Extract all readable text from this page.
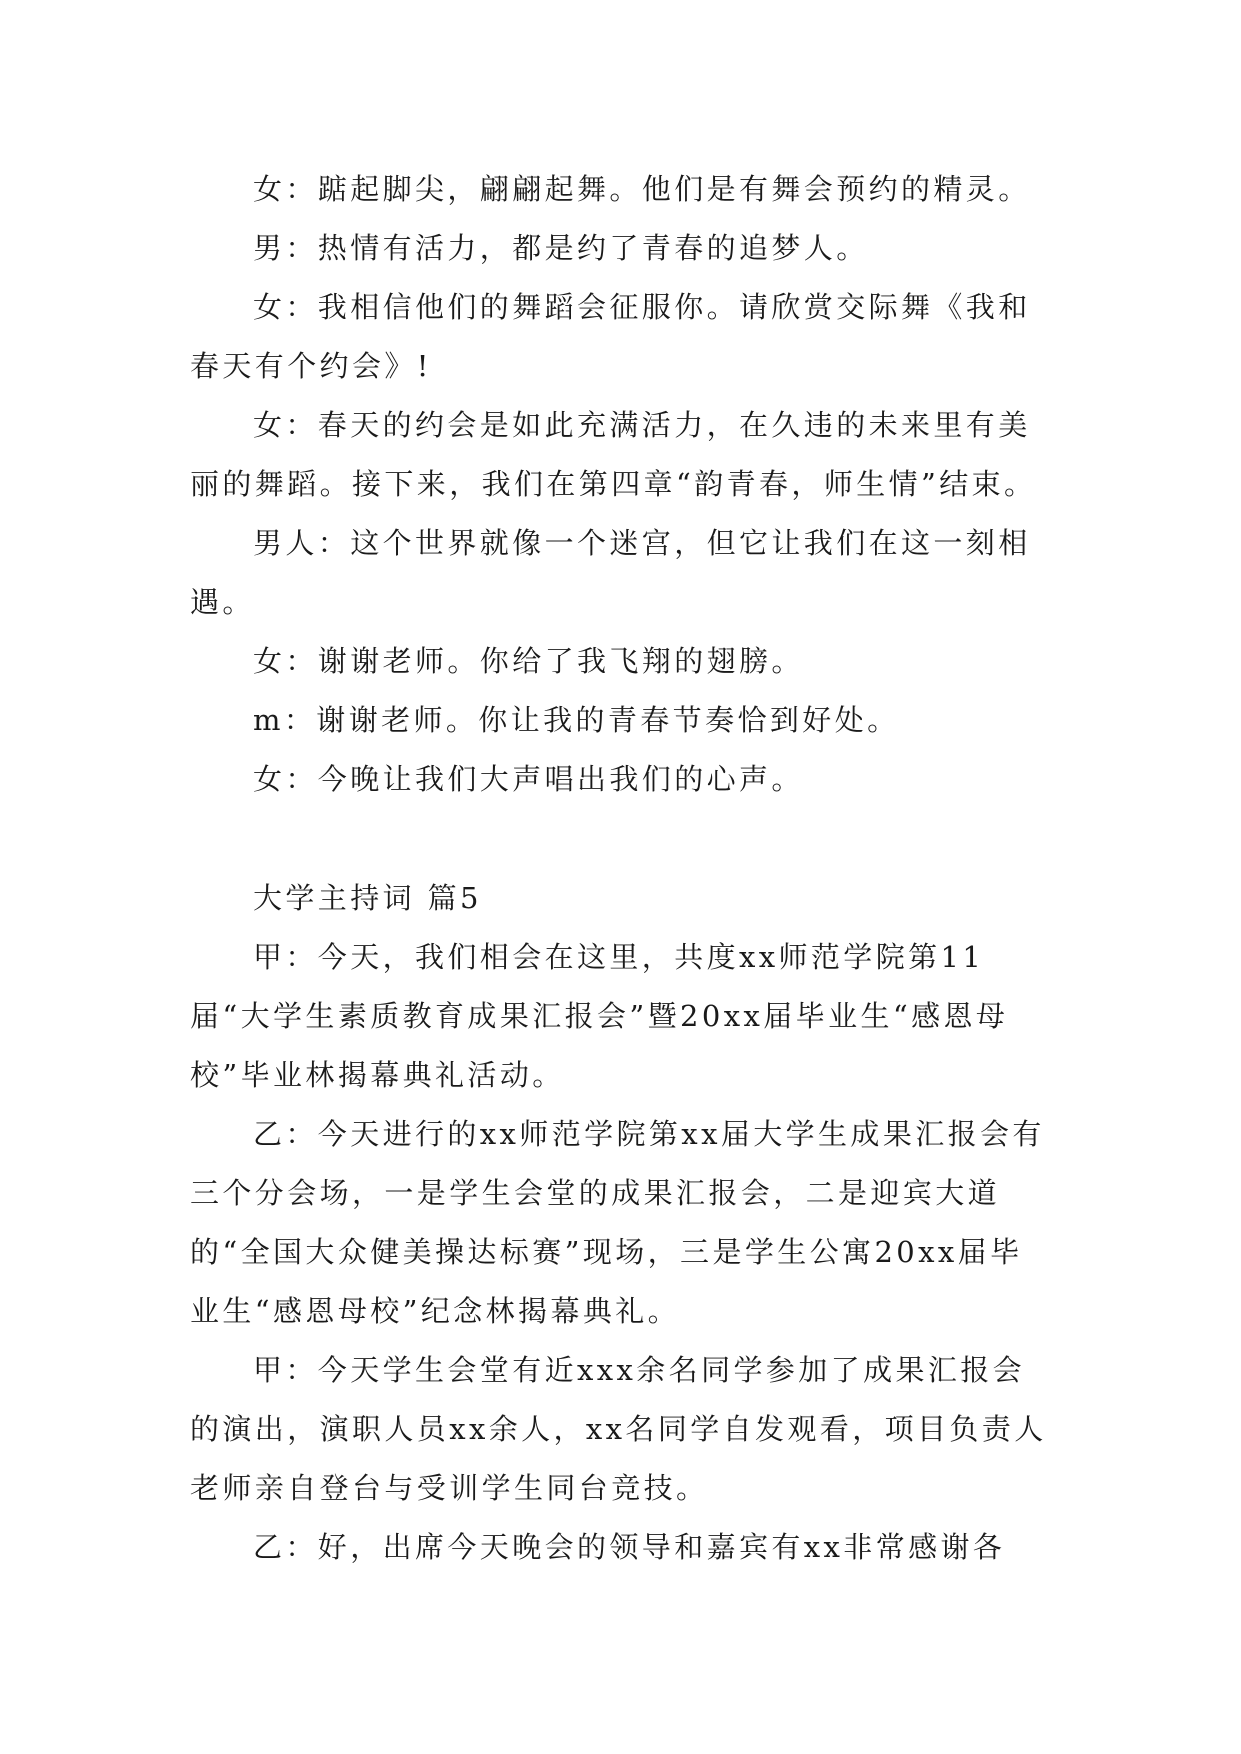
女：踮起脚尖，翩翩起舞。他们是有舞会预约的精灵。

男：热情有活力，都是约了青春的追梦人。

女：我相信他们的舞蹈会征服你。请欣赏交际舞《我和春天有个约会》!

女：春天的约会是如此充满活力，在久违的未来里有美丽的舞蹈。接下来，我们在第四章“韵青春，师生情”结束。

男人：这个世界就像一个迷宫，但它让我们在这一刻相遇。

女：谢谢老师。你给了我飞翔的翅膀。

m：谢谢老师。你让我的青春节奏恰到好处。

女：今晚让我们大声唱出我们的心声。

大学主持词 篇5

甲：今天，我们相会在这里，共度xx师范学院第11届“大学生素质教育成果汇报会”暨20xx届毕业生“感恩母校”毕业林揭幕典礼活动。

乙：今天进行的xx师范学院第xx届大学生成果汇报会有三个分会场，一是学生会堂的成果汇报会，二是迎宾大道的“全国大众健美操达标赛”现场，三是学生公寓20xx届毕业生“感恩母校”纪念林揭幕典礼。

甲：今天学生会堂有近xxx余名同学参加了成果汇报会的演出，演职人员xx余人，xx名同学自发观看，项目负责人老师亲自登台与受训学生同台竞技。

乙：好，出席今天晚会的领导和嘉宾有xx非常感谢各
